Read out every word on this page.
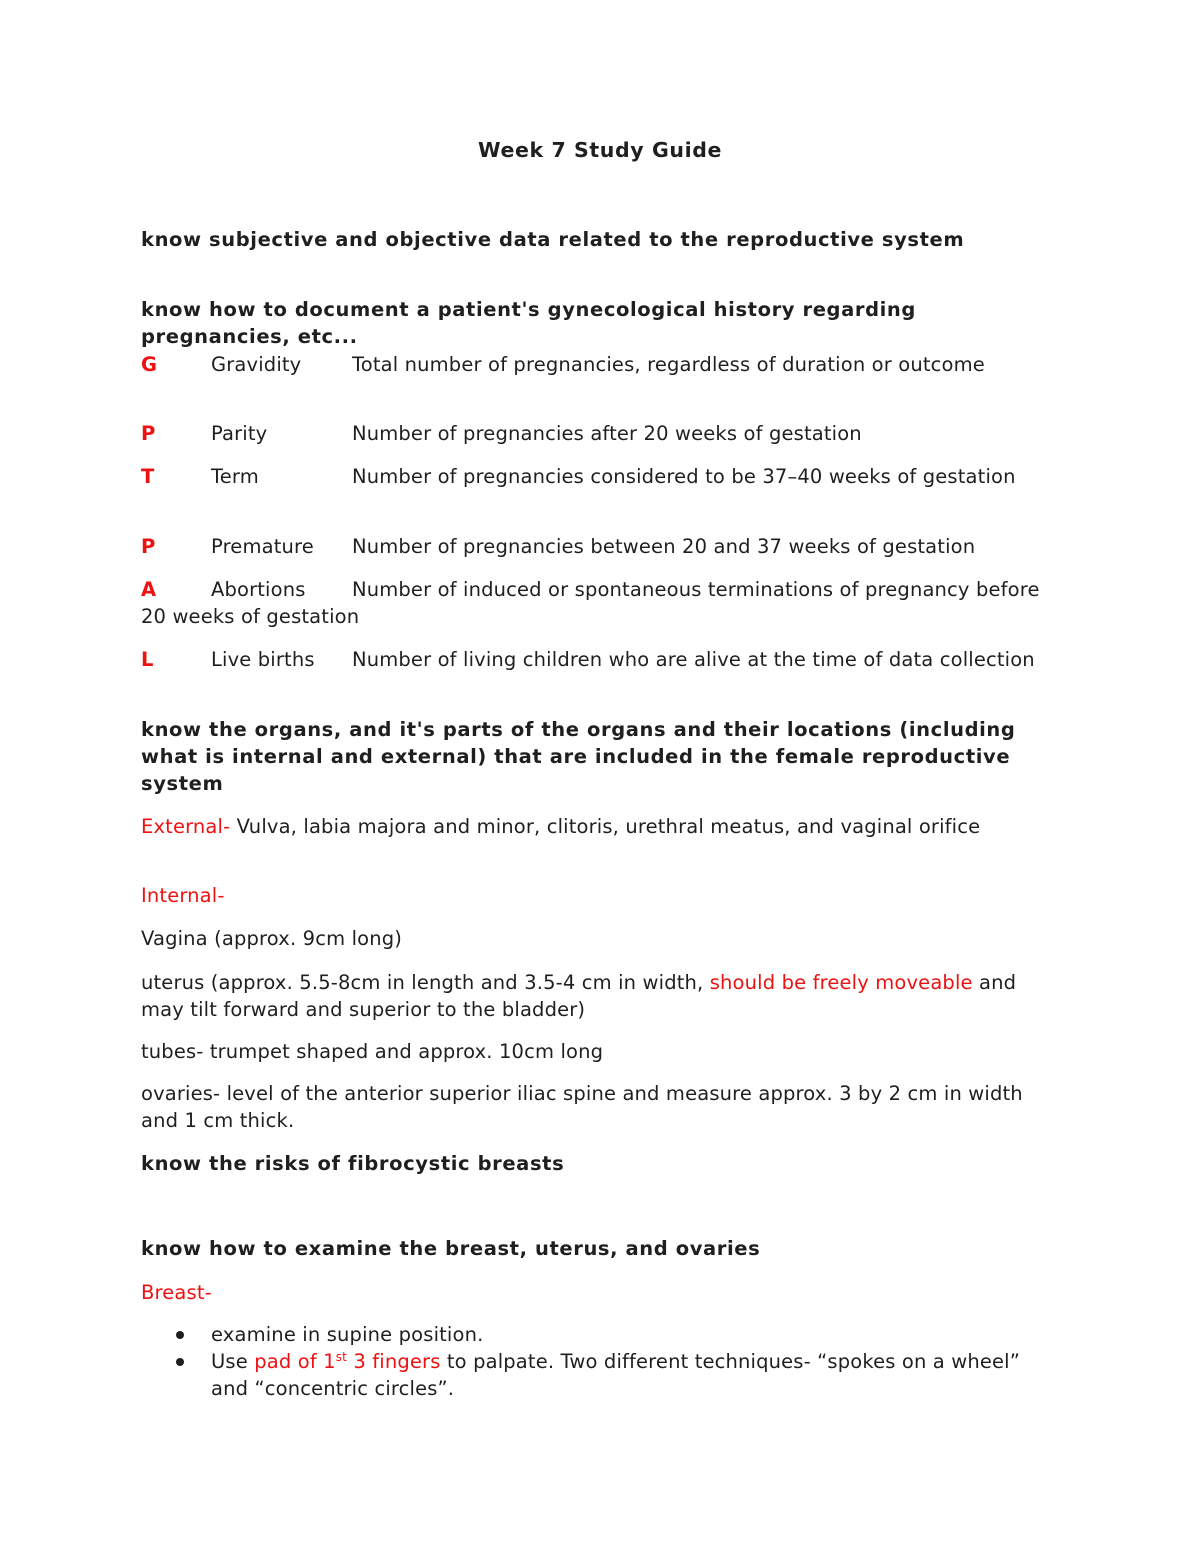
Week 7 Study Guide
know subjective and objective data related to the reproductive system
know how to document a patient's gynecological history regarding pregnancies, etc...
G	Gravidity	Total number of pregnancies, regardless of duration or outcome
P	Parity	Number of pregnancies after 20 weeks of gestation
T	Term	Number of pregnancies considered to be 37–40 weeks of gestation
P	Premature Number of pregnancies between 20 and 37 weeks of gestation
A	Abortions Number of induced or spontaneous terminations of pregnancy before 20 weeks of gestation
L	Live births Number of living children who are alive at the time of data collection
know the organs, and it's parts of the organs and their locations (including what is internal and external) that are included in the female reproductive system
External- Vulva, labia majora and minor, clitoris, urethral meatus, and vaginal orifice
Internal-
Vagina (approx. 9cm long)
uterus (approx. 5.5-8cm in length and 3.5-4 cm in width, should be freely moveable and may tilt forward and superior to the bladder)
tubes- trumpet shaped and approx. 10cm long
ovaries- level of the anterior superior iliac spine and measure approx. 3 by 2 cm in width and 1 cm thick.
know the risks of fibrocystic breasts
know how to examine the breast, uterus, and ovaries
Breast-
examine in supine position.
Use pad of 1st 3 fingers to palpate. Two different techniques- “spokes on a wheel” and “concentric circles”.
